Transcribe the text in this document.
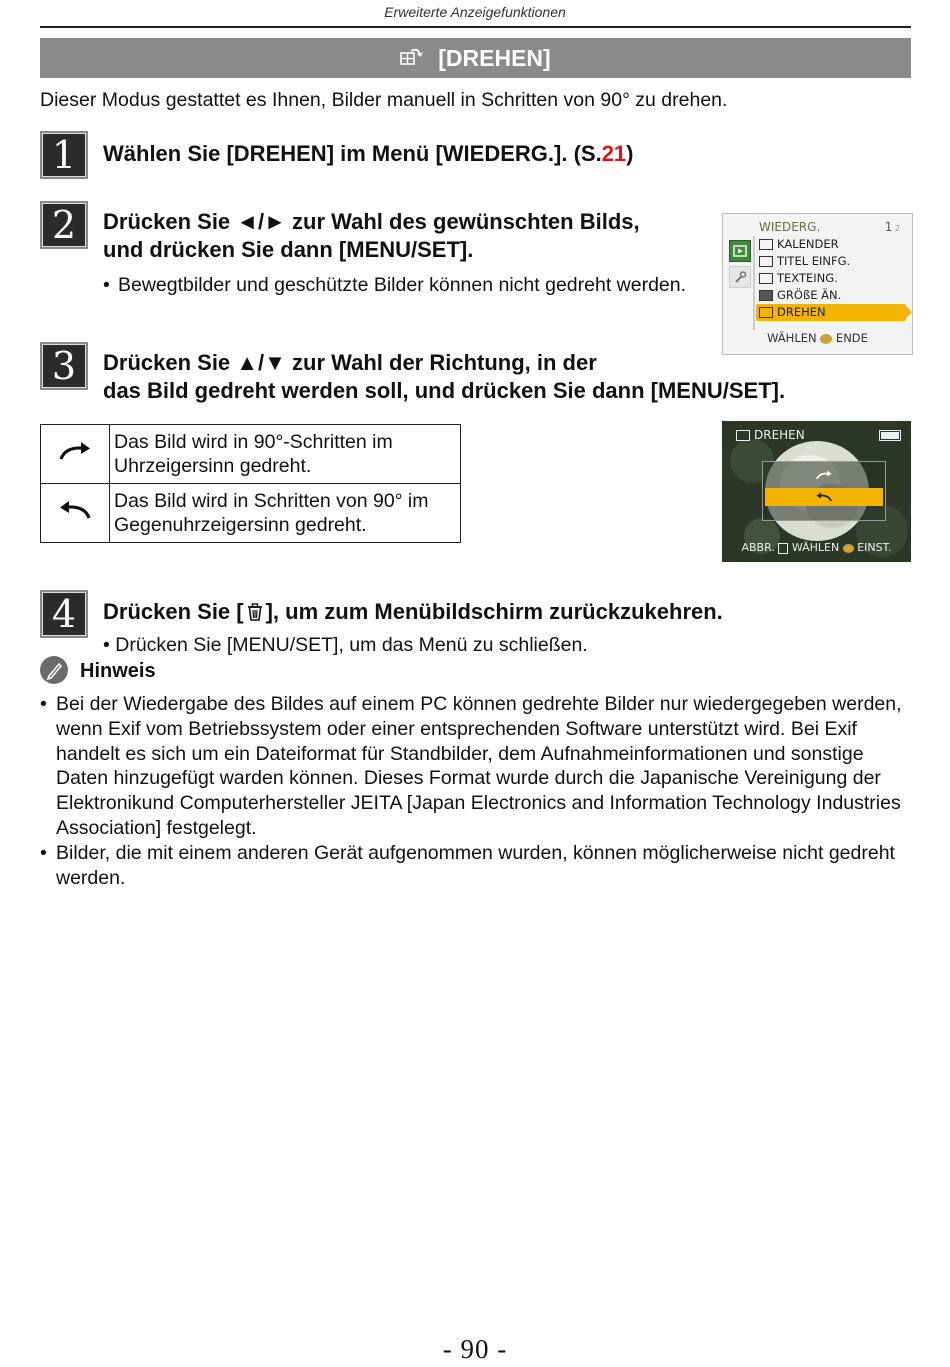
Erweiterte Anzeigefunktionen
[DREHEN]
Dieser Modus gestattet es Ihnen, Bilder manuell in Schritten von 90° zu drehen.
1	Wählen Sie [DREHEN] im Menü [WIEDERG.]. (S.21)
2	Drücken Sie ◄/► zur Wahl des gewünschten Bilds,
und drücken Sie dann [MENU/SET].
• Bewegtbilder und geschützte Bilder können nicht gedreht werden.
WIEDERG.	1 2
KALENDER
TITEL EINFG.
TEXTEING.
GRÖßE ÄN.
DREHEN
WÄHLEN ENDE
3	Drücken Sie ▲/▼ zur Wahl der Richtung, in der
das Bild gedreht werden soll, und drücken Sie dann [MENU/SET].
	Das Bild wird in 90°-Schritten im Uhrzeigersinn gedreht.
	Das Bild wird in Schritten von 90° im Gegenuhrzeigersinn gedreht.
DREHEN
ABBR. WÄHLEN EINST.
4	Drücken Sie [ ], um zum Menübildschirm zurückzukehren.
• Drücken Sie [MENU/SET], um das Menü zu schließen.
Hinweis
• Bei der Wiedergabe des Bildes auf einem PC können gedrehte Bilder nur wiedergegeben werden, wenn Exif vom Betriebssystem oder einer entsprechenden Software unterstützt wird. Bei Exif handelt es sich um ein Dateiformat für Standbilder, dem Aufnahmeinformationen und sonstige Daten hinzugefügt warden können. Dieses Format wurde durch die Japanische Vereinigung der Elektronikund Computerhersteller JEITA [Japan Electronics and Information Technology Industries Association] festgelegt.
• Bilder, die mit einem anderen Gerät aufgenommen wurden, können möglicherweise nicht gedreht werden.
- 90 -
